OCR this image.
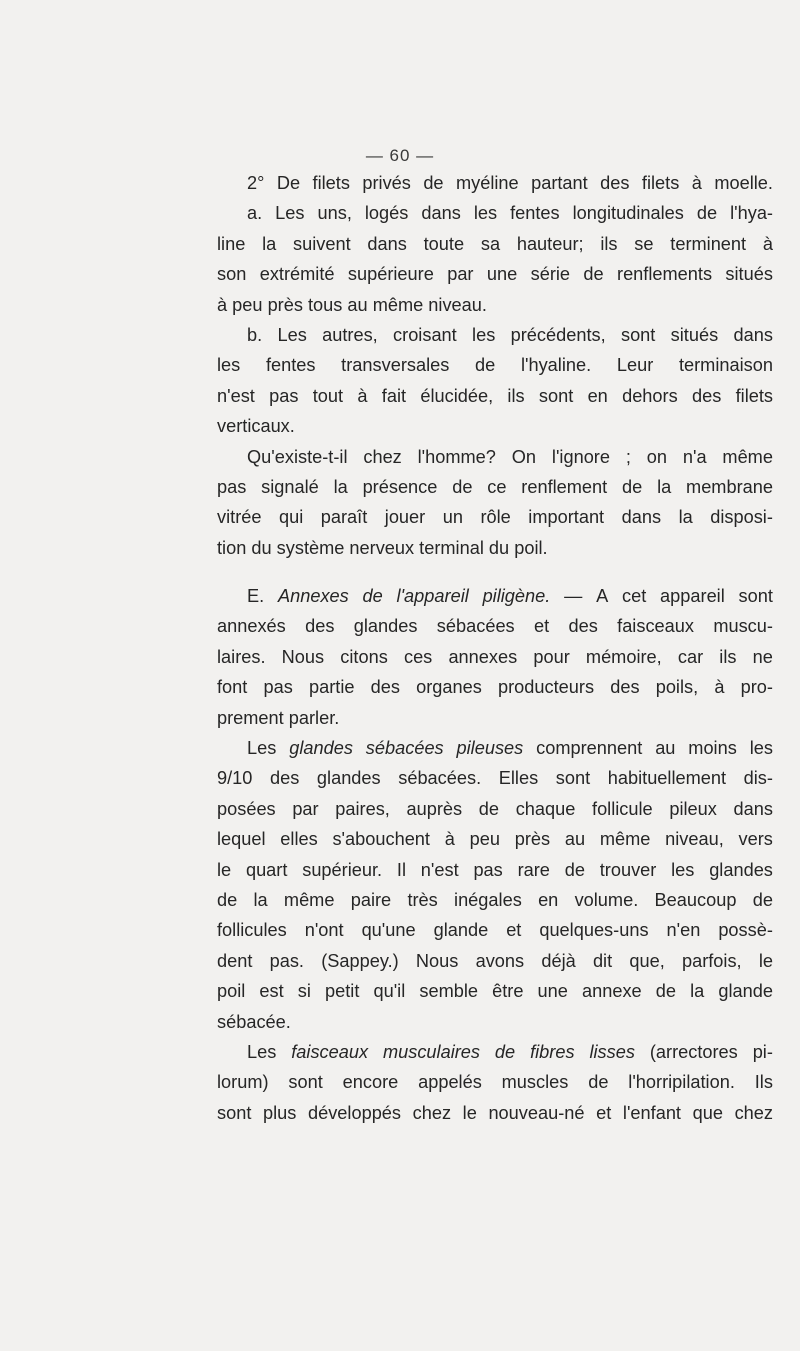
— 60 —
2° De filets privés de myéline partant des filets à moelle.
a. Les uns, logés dans les fentes longitudinales de l'hya-
line la suivent dans toute sa hauteur; ils se terminent à
son extrémité supérieure par une série de renflements situés
à peu près tous au même niveau.
b. Les autres, croisant les précédents, sont situés dans
les fentes transversales de l'hyaline. Leur terminaison
n'est pas tout à fait élucidée, ils sont en dehors des filets
verticaux.
Qu'existe-t-il chez l'homme? On l'ignore ; on n'a même
pas signalé la présence de ce renflement de la membrane
vitrée qui paraît jouer un rôle important dans la disposi-
tion du système nerveux terminal du poil.
E. Annexes de l'appareil piligène. — A cet appareil sont
annexés des glandes sébacées et des faisceaux muscu-
laires. Nous citons ces annexes pour mémoire, car ils ne
font pas partie des organes producteurs des poils, à pro-
prement parler.
Les glandes sébacées pileuses comprennent au moins les
9/10 des glandes sébacées. Elles sont habituellement dis-
posées par paires, auprès de chaque follicule pileux dans
lequel elles s'abouchent à peu près au même niveau, vers
le quart supérieur. Il n'est pas rare de trouver les glandes
de la même paire très inégales en volume. Beaucoup de
follicules n'ont qu'une glande et quelques-uns n'en possè-
dent pas. (Sappey.) Nous avons déjà dit que, parfois, le
poil est si petit qu'il semble être une annexe de la glande
sébacée.
Les faisceaux musculaires de fibres lisses (arrectores pi-
lorum) sont encore appelés muscles de l'horripilation. Ils
sont plus développés chez le nouveau-né et l'enfant que chez
